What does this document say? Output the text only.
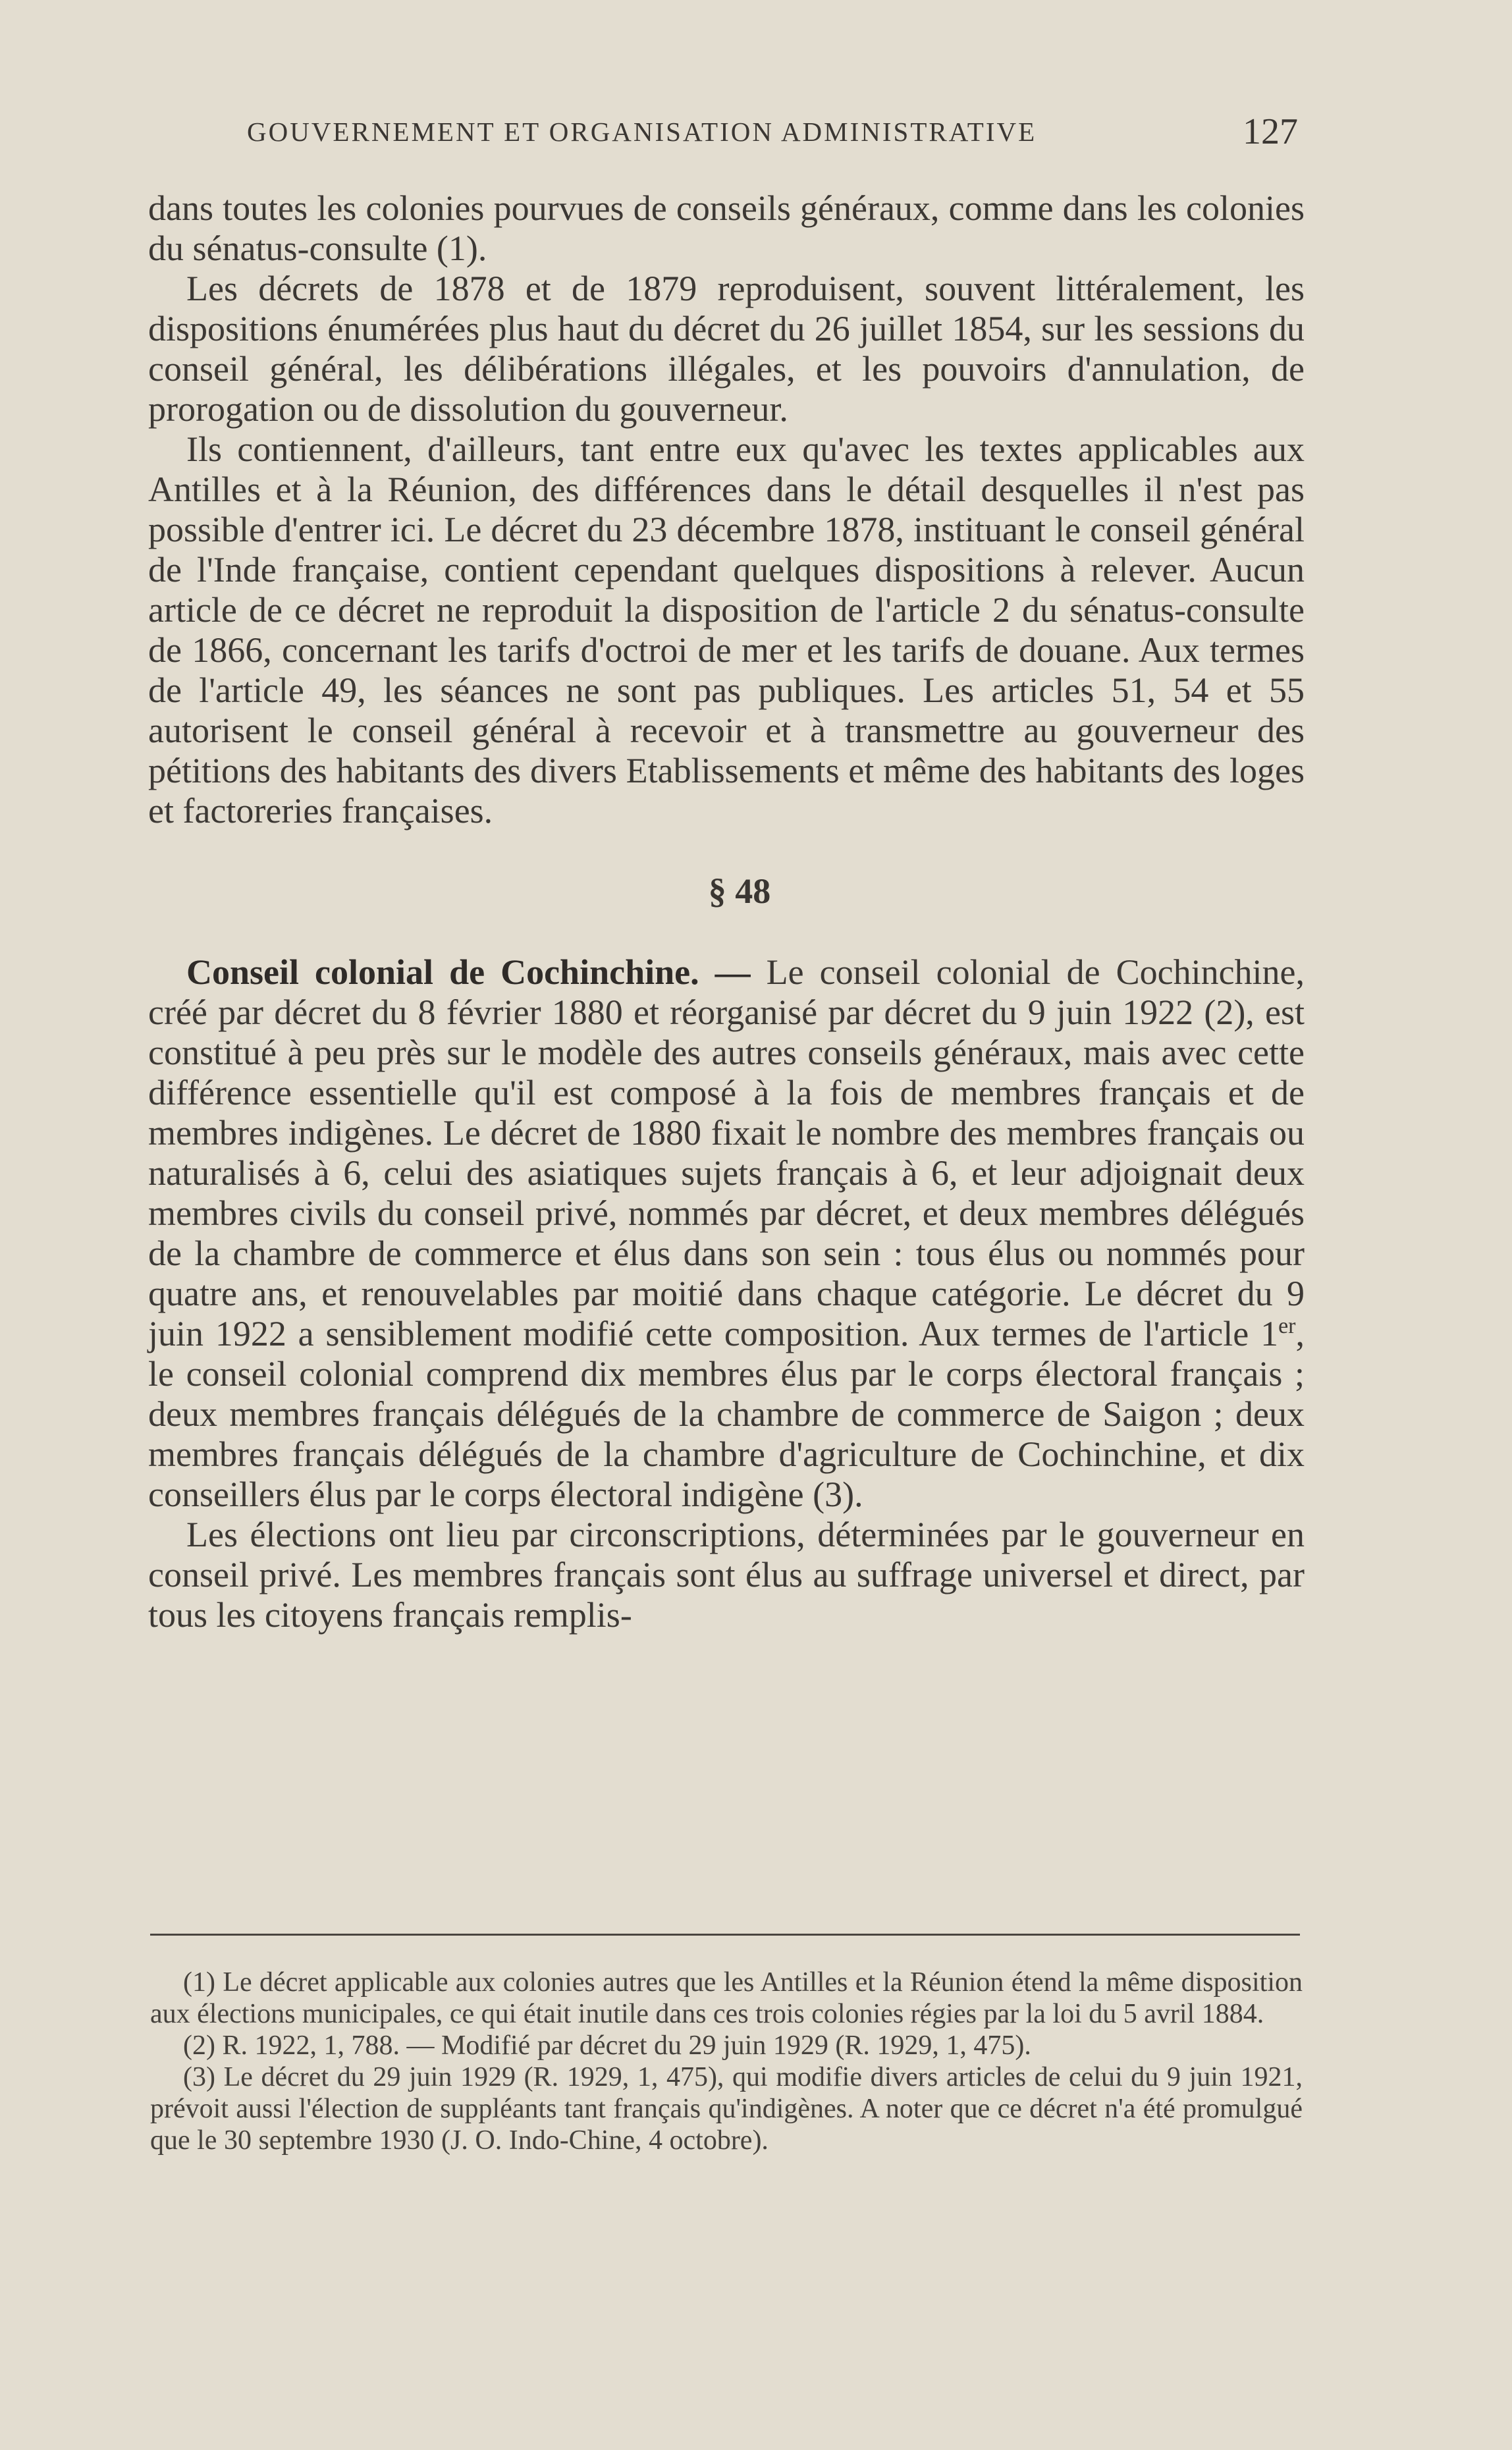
GOUVERNEMENT ET ORGANISATION ADMINISTRATIVE	127

dans toutes les colonies pourvues de conseils généraux, comme dans les colonies du sénatus-consulte (1).

Les décrets de 1878 et de 1879 reproduisent, souvent littéralement, les dispositions énumérées plus haut du décret du 26 juillet 1854, sur les sessions du conseil général, les délibérations illégales, et les pouvoirs d'annulation, de prorogation ou de dissolution du gouverneur.

Ils contiennent, d'ailleurs, tant entre eux qu'avec les textes applicables aux Antilles et à la Réunion, des différences dans le détail desquelles il n'est pas possible d'entrer ici. Le décret du 23 décembre 1878, instituant le conseil général de l'Inde française, contient cependant quelques dispositions à relever. Aucun article de ce décret ne reproduit la disposition de l'article 2 du sénatus-consulte de 1866, concernant les tarifs d'octroi de mer et les tarifs de douane. Aux termes de l'article 49, les séances ne sont pas publiques. Les articles 51, 54 et 55 autorisent le conseil général à recevoir et à transmettre au gouverneur des pétitions des habitants des divers Etablissements et même des habitants des loges et factoreries françaises.

§ 48

Conseil colonial de Cochinchine. — Le conseil colonial de Cochinchine, créé par décret du 8 février 1880 et réorganisé par décret du 9 juin 1922 (2), est constitué à peu près sur le modèle des autres conseils généraux, mais avec cette différence essentielle qu'il est composé à la fois de membres français et de membres indigènes. Le décret de 1880 fixait le nombre des membres français ou naturalisés à 6, celui des asiatiques sujets français à 6, et leur adjoignait deux membres civils du conseil privé, nommés par décret, et deux membres délégués de la chambre de commerce et élus dans son sein : tous élus ou nommés pour quatre ans, et renouvelables par moitié dans chaque catégorie. Le décret du 9 juin 1922 a sensiblement modifié cette composition. Aux termes de l'article 1er, le conseil colonial comprend dix membres élus par le corps électoral français ; deux membres français délégués de la chambre de commerce de Saigon ; deux membres français délégués de la chambre d'agriculture de Cochinchine, et dix conseillers élus par le corps électoral indigène (3).

Les élections ont lieu par circonscriptions, déterminées par le gouverneur en conseil privé. Les membres français sont élus au suffrage universel et direct, par tous les citoyens français remplis-

(1) Le décret applicable aux colonies autres que les Antilles et la Réunion étend la même disposition aux élections municipales, ce qui était inutile dans ces trois colonies régies par la loi du 5 avril 1884.

(2) R. 1922, 1, 788. — Modifié par décret du 29 juin 1929 (R. 1929, 1, 475).

(3) Le décret du 29 juin 1929 (R. 1929, 1, 475), qui modifie divers articles de celui du 9 juin 1921, prévoit aussi l'élection de suppléants tant français qu'indigènes. A noter que ce décret n'a été promulgué que le 30 septembre 1930 (J. O. Indo-Chine, 4 octobre).
